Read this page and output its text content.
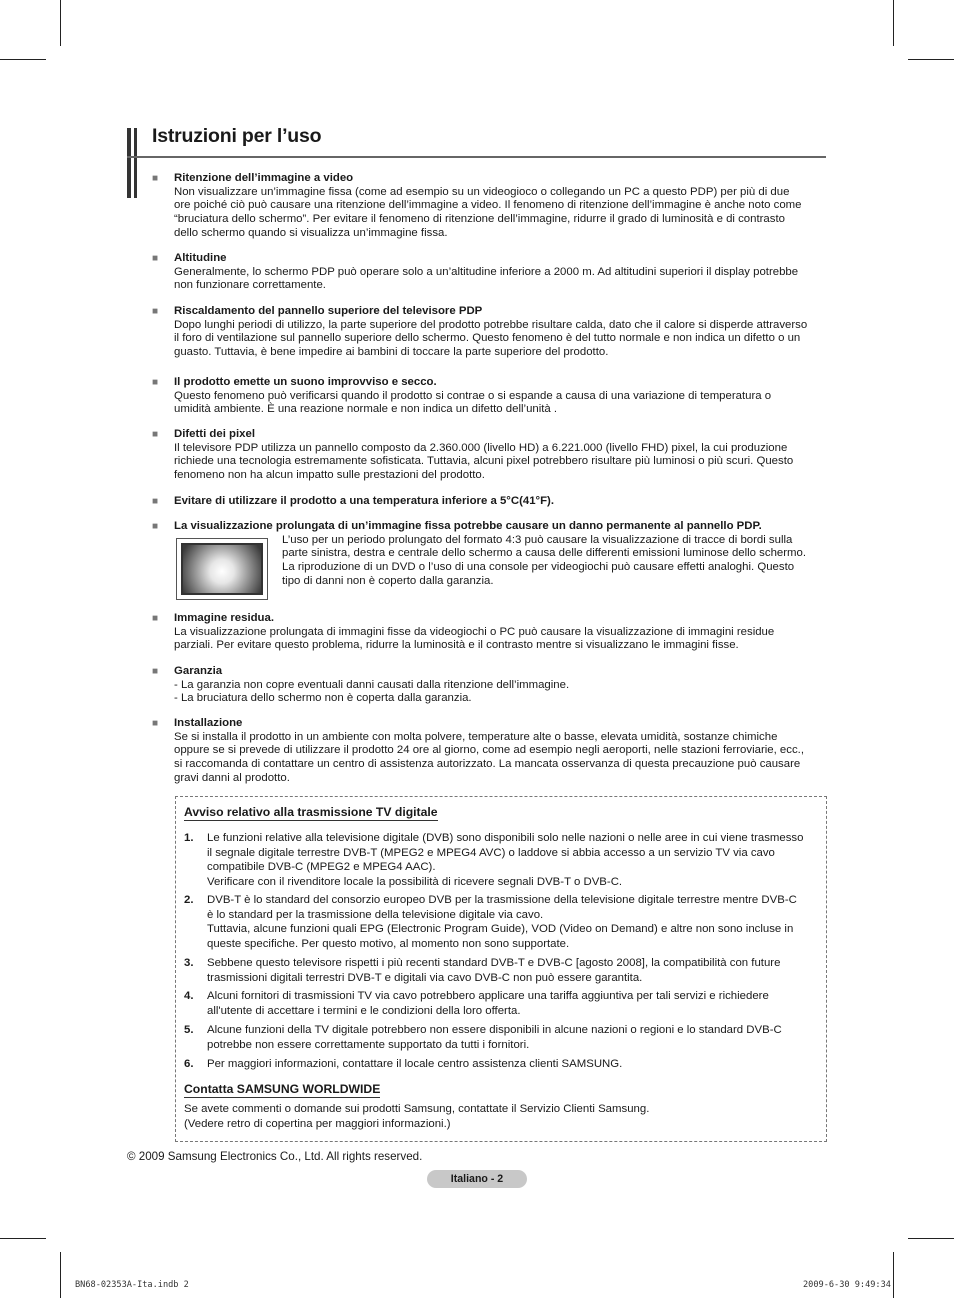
Istruzioni per l’uso
■ Ritenzione dell’immagine a video
Non visualizzare un’immagine fissa (come ad esempio su un videogioco o collegando un PC a questo PDP) per più di due
ore poiché ciò può causare una ritenzione dell’immagine a video. Il fenomeno di ritenzione dell’immagine è anche noto come
“bruciatura dello schermo”. Per evitare il fenomeno di ritenzione dell’immagine, ridurre il grado di luminosità e di contrasto
dello schermo quando si visualizza un’immagine fissa.
■ Altitudine
Generalmente, lo schermo PDP può operare solo a un’altitudine inferiore a 2000 m. Ad altitudini superiori il display potrebbe
non funzionare correttamente.
■ Riscaldamento del pannello superiore del televisore PDP
Dopo lunghi periodi di utilizzo, la parte superiore del prodotto potrebbe risultare calda, dato che il calore si disperde attraverso
il foro di ventilazione sul pannello superiore dello schermo. Questo fenomeno è del tutto normale e non indica un difetto o un
guasto. Tuttavia, è bene impedire ai bambini di toccare la parte superiore del prodotto.
■ Il prodotto emette un suono improvviso e secco.
Questo fenomeno può verificarsi quando il prodotto si contrae o si espande a causa di una variazione di temperatura o
umidità ambiente. È una reazione normale e non indica un difetto dell’unità .
■ Difetti dei pixel
Il televisore PDP utilizza un pannello composto da 2.360.000 (livello HD) a 6.221.000 (livello FHD) pixel, la cui produzione
richiede una tecnologia estremamente sofisticata. Tuttavia, alcuni pixel potrebbero risultare più luminosi o più scuri. Questo
fenomeno non ha alcun impatto sulle prestazioni del prodotto.
■ Evitare di utilizzare il prodotto a una temperatura inferiore a 5°C(41°F).
■ La visualizzazione prolungata di un’immagine fissa potrebbe causare un danno permanente al pannello PDP.
L’uso per un periodo prolungato del formato 4:3 può causare la visualizzazione di tracce di bordi sulla
parte sinistra, destra e centrale dello schermo a causa delle differenti emissioni luminose dello schermo.
La riproduzione di un DVD o l’uso di una console per videogiochi può causare effetti analoghi. Questo
tipo di danni non è coperto dalla garanzia.
■ Immagine residua.
La visualizzazione prolungata di immagini fisse da videogiochi o PC può causare la visualizzazione di immagini residue
parziali. Per evitare questo problema, ridurre la luminosità e il contrasto mentre si visualizzano le immagini fisse.
■ Garanzia
- La garanzia non copre eventuali danni causati dalla ritenzione dell’immagine.
- La bruciatura dello schermo non è coperta dalla garanzia.
■ Installazione
Se si installa il prodotto in un ambiente con molta polvere, temperature alte o basse, elevata umidità, sostanze chimiche
oppure se si prevede di utilizzare il prodotto 24 ore al giorno, come ad esempio negli aeroporti, nelle stazioni ferroviarie, ecc.,
si raccomanda di contattare un centro di assistenza autorizzato. La mancata osservanza di questa precauzione può causare
gravi danni al prodotto.
Avviso relativo alla trasmissione TV digitale
1. Le funzioni relative alla televisione digitale (DVB) sono disponibili solo nelle nazioni o nelle aree in cui viene trasmesso
il segnale digitale terrestre DVB-T (MPEG2 e MPEG4 AVC) o laddove si abbia accesso a un servizio TV via cavo
compatibile DVB-C (MPEG2 e MPEG4 AAC).
Verificare con il rivenditore locale la possibilità di ricevere segnali DVB-T o DVB-C.
2. DVB-T è lo standard del consorzio europeo DVB per la trasmissione della televisione digitale terrestre mentre DVB-C
è lo standard per la trasmissione della televisione digitale via cavo.
Tuttavia, alcune funzioni quali EPG (Electronic Program Guide), VOD (Video on Demand) e altre non sono incluse in
queste specifiche. Per questo motivo, al momento non sono supportate.
3. Sebbene questo televisore rispetti i più recenti standard DVB-T e DVB-C [agosto 2008], la compatibilità con future
trasmissioni digitali terrestri DVB-T e digitali via cavo DVB-C non può essere garantita.
4. Alcuni fornitori di trasmissioni TV via cavo potrebbero applicare una tariffa aggiuntiva per tali servizi e richiedere
all'utente di accettare i termini e le condizioni della loro offerta.
5. Alcune funzioni della TV digitale potrebbero non essere disponibili in alcune nazioni o regioni e lo standard DVB-C
potrebbe non essere correttamente supportato da tutti i fornitori.
6. Per maggiori informazioni, contattare il locale centro assistenza clienti SAMSUNG.
Contatta SAMSUNG WORLDWIDE
Se avete commenti o domande sui prodotti Samsung, contattate il Servizio Clienti Samsung.
(Vedere retro di copertina per maggiori informazioni.)
© 2009 Samsung Electronics Co., Ltd. All rights reserved.
Italiano - 2
BN68-02353A-Ita.indb 2	2009-6-30 9:49:34
